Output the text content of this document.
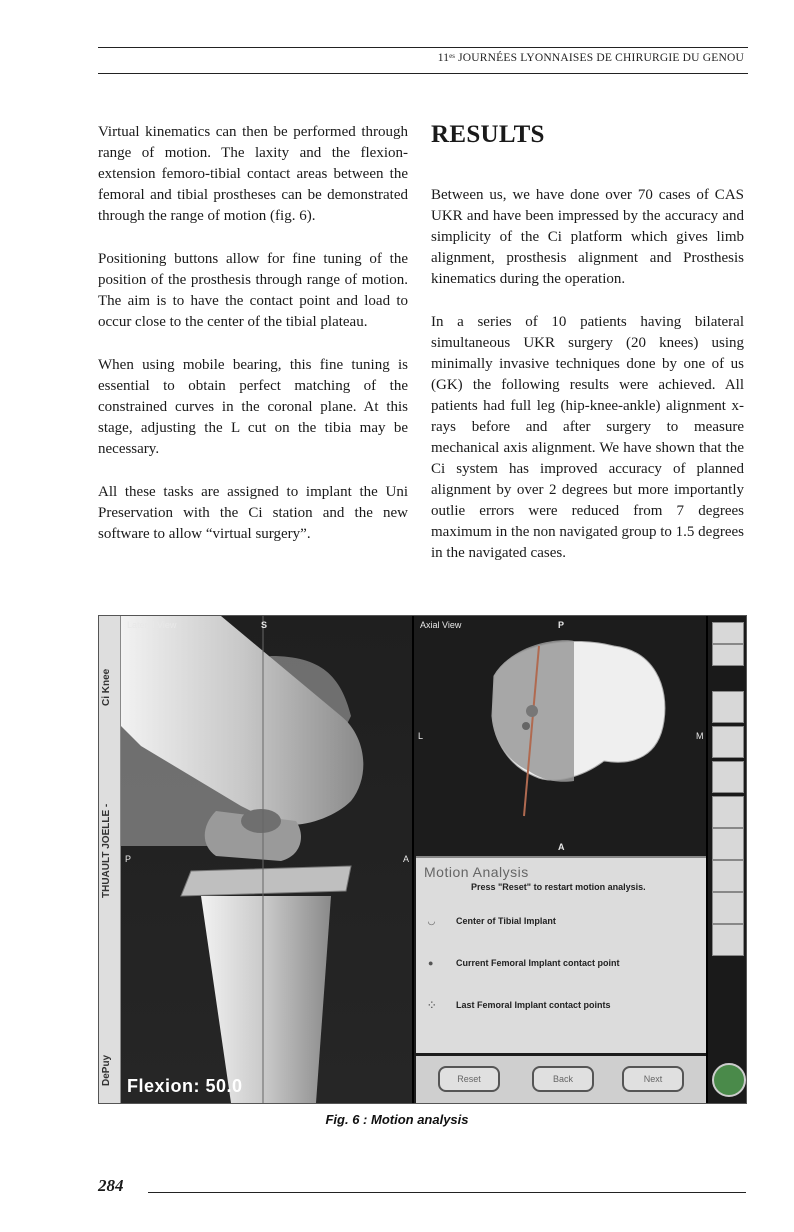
11ᵉˢ JOURNÉES LYONNAISES DE CHIRURGIE DU GENOU

Virtual kinematics can then be performed through range of motion. The laxity and the flexion-extension femoro-tibial contact areas between the femoral and tibial prostheses can be demonstrated through the range of motion (fig. 6).

Positioning buttons allow for fine tuning of the position of the prosthesis through range of motion. The aim is to have the contact point and load to occur close to the center of the tibial plateau.

When using mobile bearing, this fine tuning is essential to obtain perfect matching of the constrained curves in the coronal plane. At this stage, adjusting the L cut on the tibia may be necessary.

All these tasks are assigned to implant the Uni Preservation with the Ci station and the new software to allow “virtual surgery”.

RESULTS

Between us, we have done over 70 cases of CAS UKR and have been impressed by the accuracy and simplicity of the Ci platform which gives limb alignment, prosthesis alignment and Prosthesis kinematics during the operation.

In a series of 10 patients having bilateral simultaneous UKR surgery (20 knees) using minimally invasive techniques done by one of us (GK) the following results were achieved. All patients had full leg (hip-knee-ankle) alignment x-rays before and after surgery to measure mechanical axis alignment. We have shown that the Ci system has improved accuracy of planned alignment by over 2 degrees but more importantly outlie errors were reduced from 7 degrees maximum in the non navigated group to 1.5 degrees in the navigated cases.

Ci Knee
THUAULT JOELLE -
DePuy
Lateral View	S
P	A
Flexion: 50.0
Axial View	P
L	M
A
Motion Analysis
Press "Reset" to restart motion analysis.
◡ Center of Tibial Implant
●	Current Femoral Implant contact point
⁘ Last Femoral Implant contact points
Reset	Back	Next
Fig. 6 : Motion analysis
284
